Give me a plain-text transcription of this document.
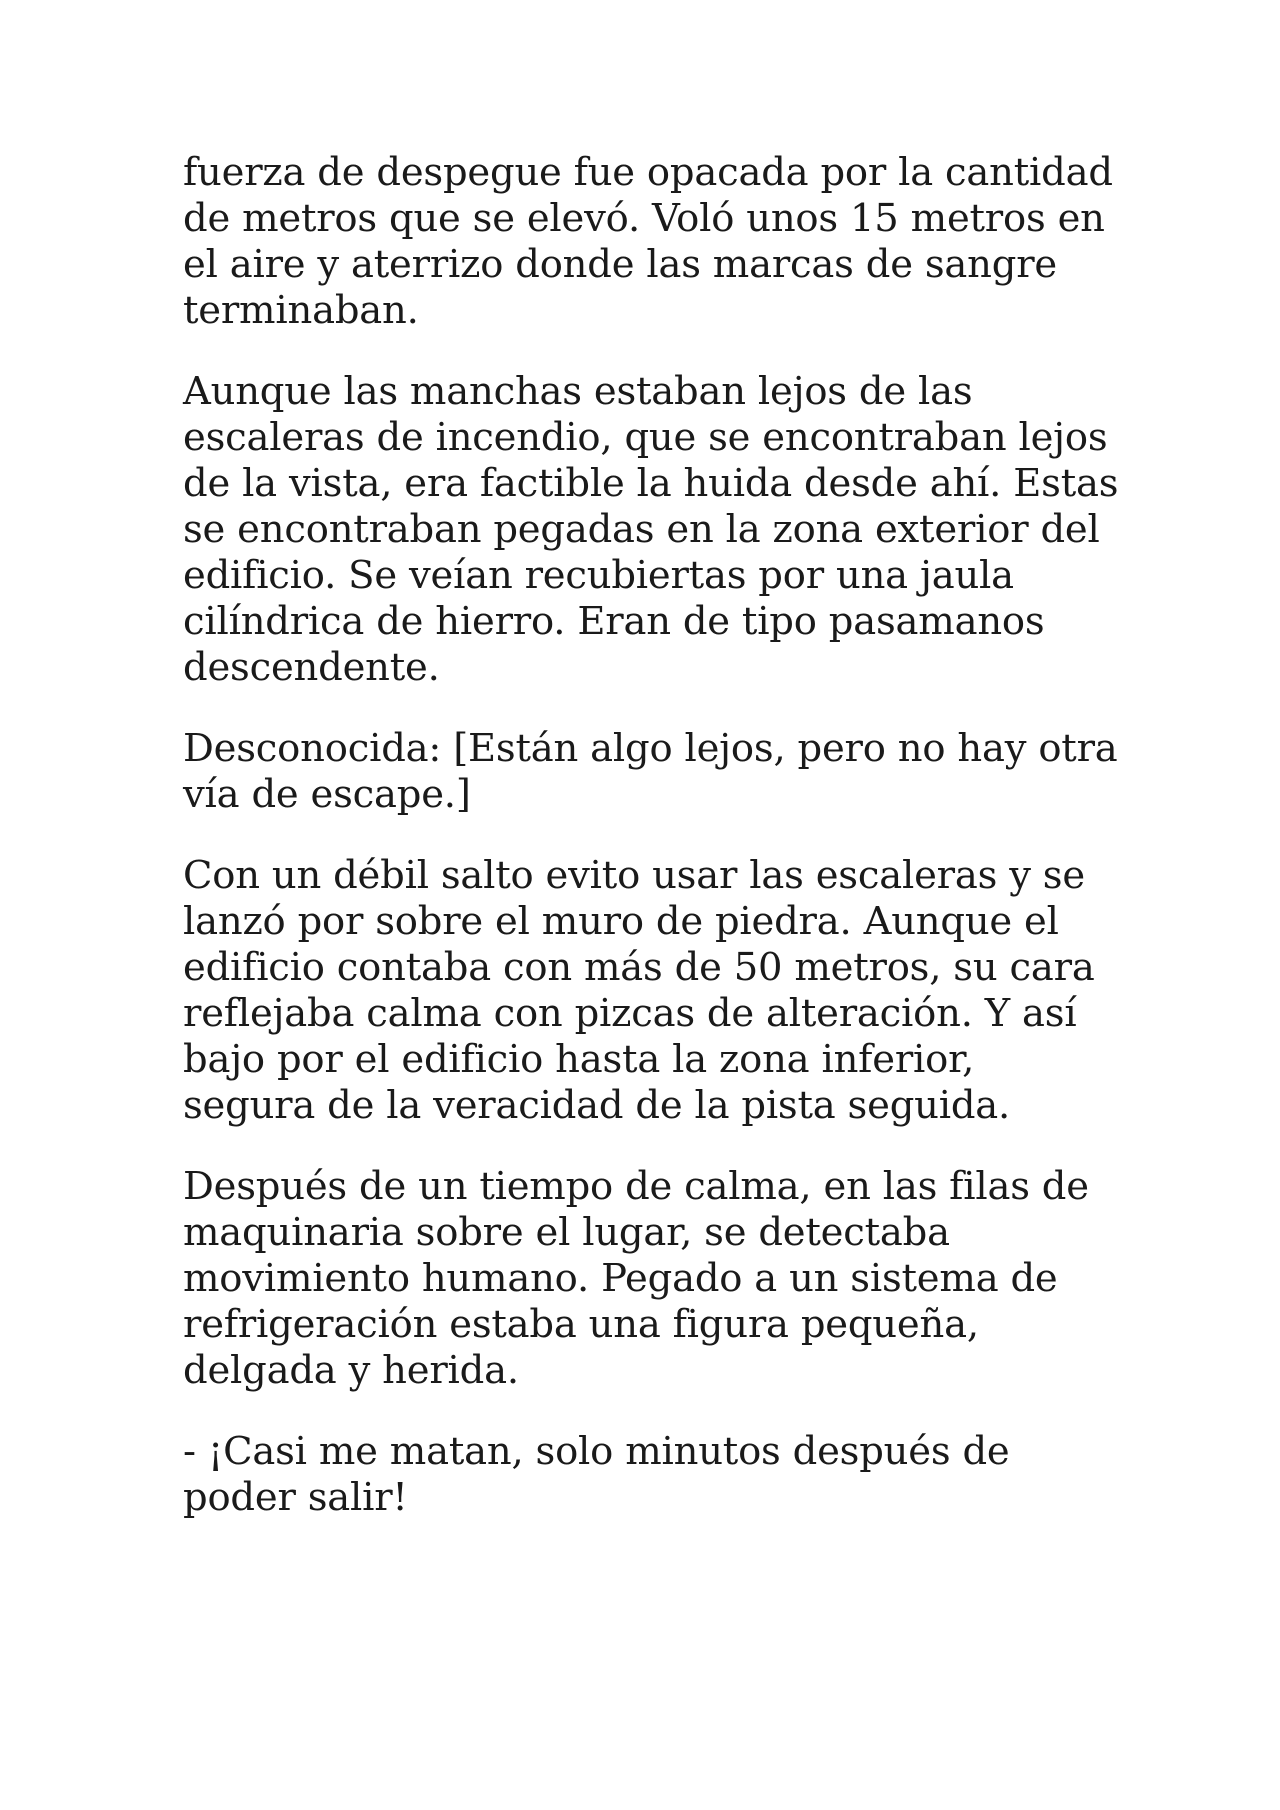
fuerza de despegue fue opacada por la cantidad
de metros que se elevó. Voló unos 15 metros en
el aire y aterrizo donde las marcas de sangre
terminaban.

Aunque las manchas estaban lejos de las
escaleras de incendio, que se encontraban lejos
de la vista, era factible la huida desde ahí. Estas
se encontraban pegadas en la zona exterior del
edificio. Se veían recubiertas por una jaula
cilíndrica de hierro. Eran de tipo pasamanos
descendente.

Desconocida: [Están algo lejos, pero no hay otra
vía de escape.]

Con un débil salto evito usar las escaleras y se
lanzó por sobre el muro de piedra. Aunque el
edificio contaba con más de 50 metros, su cara
reflejaba calma con pizcas de alteración. Y así
bajo por el edificio hasta la zona inferior,
segura de la veracidad de la pista seguida.

Después de un tiempo de calma, en las filas de
maquinaria sobre el lugar, se detectaba
movimiento humano. Pegado a un sistema de
refrigeración estaba una figura pequeña,
delgada y herida.

- ¡Casi me matan, solo minutos después de
poder salir!
